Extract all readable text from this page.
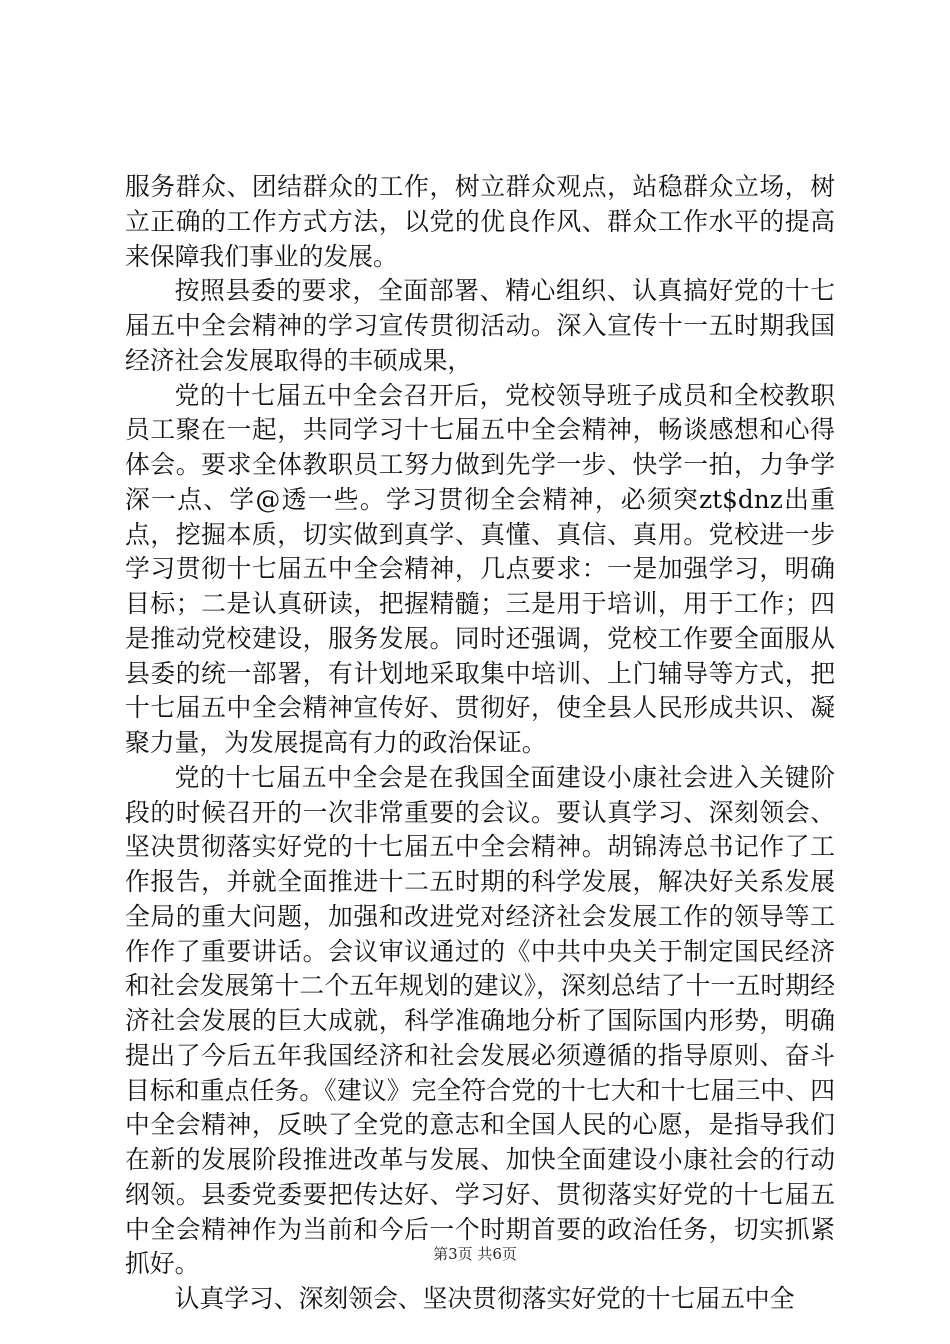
服务群众、团结群众的工作，树立群众观点，站稳群众立场，树立正确的工作方式方法，以党的优良作风、群众工作水平的提高来保障我们事业的发展。

按照县委的要求，全面部署、精心组织、认真搞好党的十七届五中全会精神的学习宣传贯彻活动。深入宣传十一五时期我国经济社会发展取得的丰硕成果，

党的十七届五中全会召开后，党校领导班子成员和全校教职员工聚在一起，共同学习十七届五中全会精神，畅谈感想和心得体会。要求全体教职员工努力做到先学一步、快学一拍，力争学深一点、学@透一些。学习贯彻全会精神，必须突zt$dnz出重点，挖掘本质，切实做到真学、真懂、真信、真用。党校进一步学习贯彻十七届五中全会精神，几点要求：一是加强学习，明确目标；二是认真研读，把握精髓；三是用于培训，用于工作；四是推动党校建设，服务发展。同时还强调，党校工作要全面服从县委的统一部署，有计划地采取集中培训、上门辅导等方式，把十七届五中全会精神宣传好、贯彻好，使全县人民形成共识、凝聚力量，为发展提高有力的政治保证。

党的十七届五中全会是在我国全面建设小康社会进入关键阶段的时候召开的一次非常重要的会议。要认真学习、深刻领会、坚决贯彻落实好党的十七届五中全会精神。胡锦涛总书记作了工作报告，并就全面推进十二五时期的科学发展，解决好关系发展全局的重大问题，加强和改进党对经济社会发展工作的领导等工作作了重要讲话。会议审议通过的《中共中央关于制定国民经济和社会发展第十二个五年规划的建议》，深刻总结了十一五时期经济社会发展的巨大成就，科学准确地分析了国际国内形势，明确提出了今后五年我国经济和社会发展必须遵循的指导原则、奋斗目标和重点任务。《建议》完全符合党的十七大和十七届三中、四中全会精神，反映了全党的意志和全国人民的心愿，是指导我们在新的发展阶段推进改革与发展、加快全面建设小康社会的行动纲领。县委党委要把传达好、学习好、贯彻落实好党的十七届五中全会精神作为当前和今后一个时期首要的政治任务，切实抓紧抓好。

认真学习、深刻领会、坚决贯彻落实好党的十七届五中全

第3页 共6页
